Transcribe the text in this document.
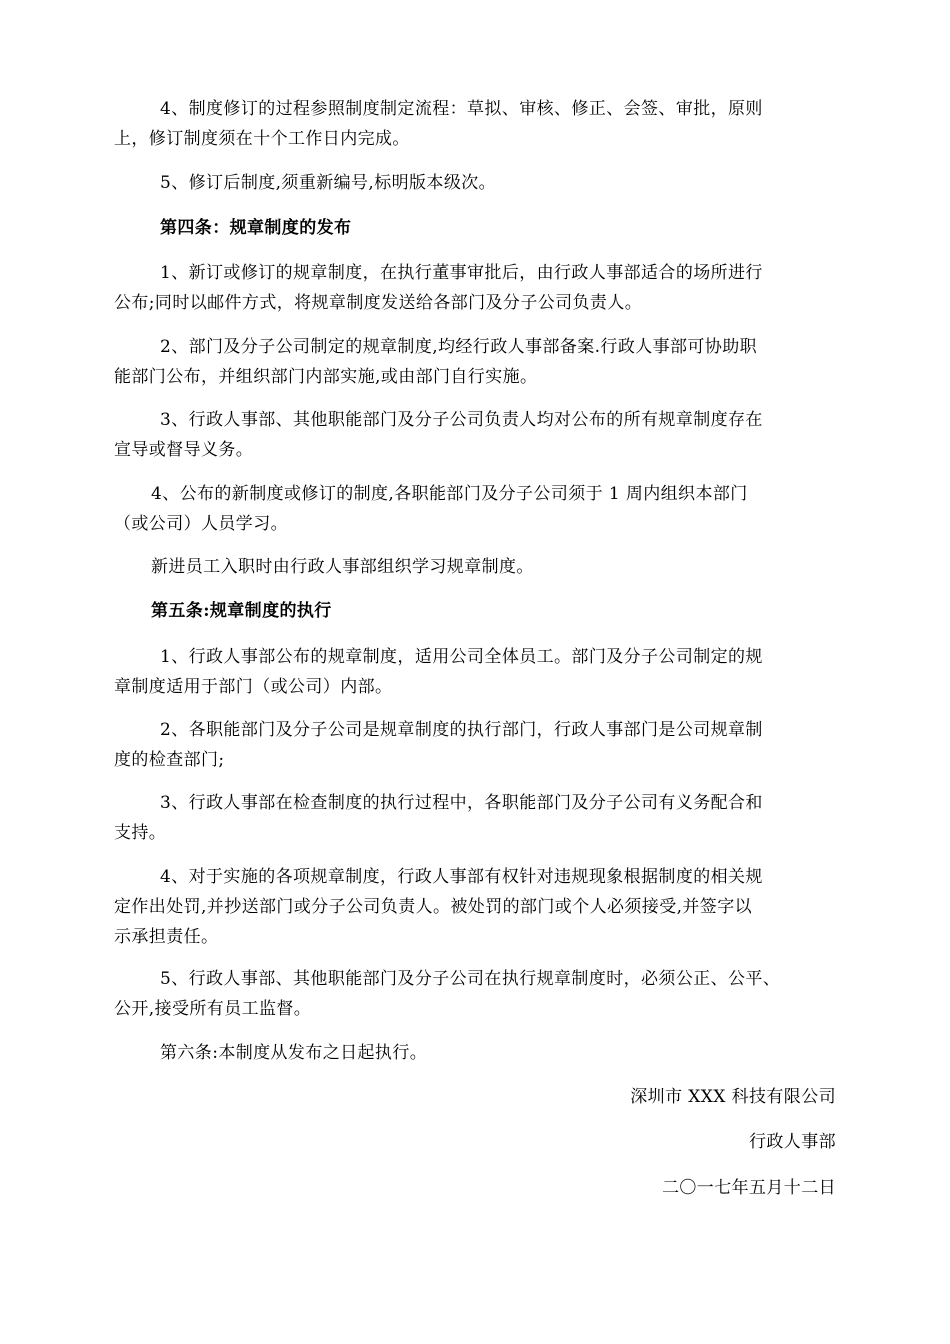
4、制度修订的过程参照制度制定流程：草拟、审核、修正、会签、审批，原则
上，修订制度须在十个工作日内完成。
5、修订后制度,须重新编号,标明版本级次。
第四条：规章制度的发布
1、新订或修订的规章制度，在执行董事审批后，由行政人事部适合的场所进行
公布;同时以邮件方式，将规章制度发送给各部门及分子公司负责人。
2、部门及分子公司制定的规章制度,均经行政人事部备案.行政人事部可协助职
能部门公布，并组织部门内部实施,或由部门自行实施。
3、行政人事部、其他职能部门及分子公司负责人均对公布的所有规章制度存在
宣导或督导义务。
4、公布的新制度或修订的制度,各职能部门及分子公司须于 1 周内组织本部门
（或公司）人员学习。
新进员工入职时由行政人事部组织学习规章制度。
第五条:规章制度的执行
1、行政人事部公布的规章制度，适用公司全体员工。部门及分子公司制定的规
章制度适用于部门（或公司）内部。
2、各职能部门及分子公司是规章制度的执行部门，行政人事部门是公司规章制
度的检查部门;
3、行政人事部在检查制度的执行过程中，各职能部门及分子公司有义务配合和
支持。
4、对于实施的各项规章制度，行政人事部有权针对违规现象根据制度的相关规
定作出处罚,并抄送部门或分子公司负责人。被处罚的部门或个人必须接受,并签字以
示承担责任。
5、行政人事部、其他职能部门及分子公司在执行规章制度时，必须公正、公平、
公开,接受所有员工监督。
第六条:本制度从发布之日起执行。
深圳市 XXX 科技有限公司
行政人事部
二〇一七年五月十二日
